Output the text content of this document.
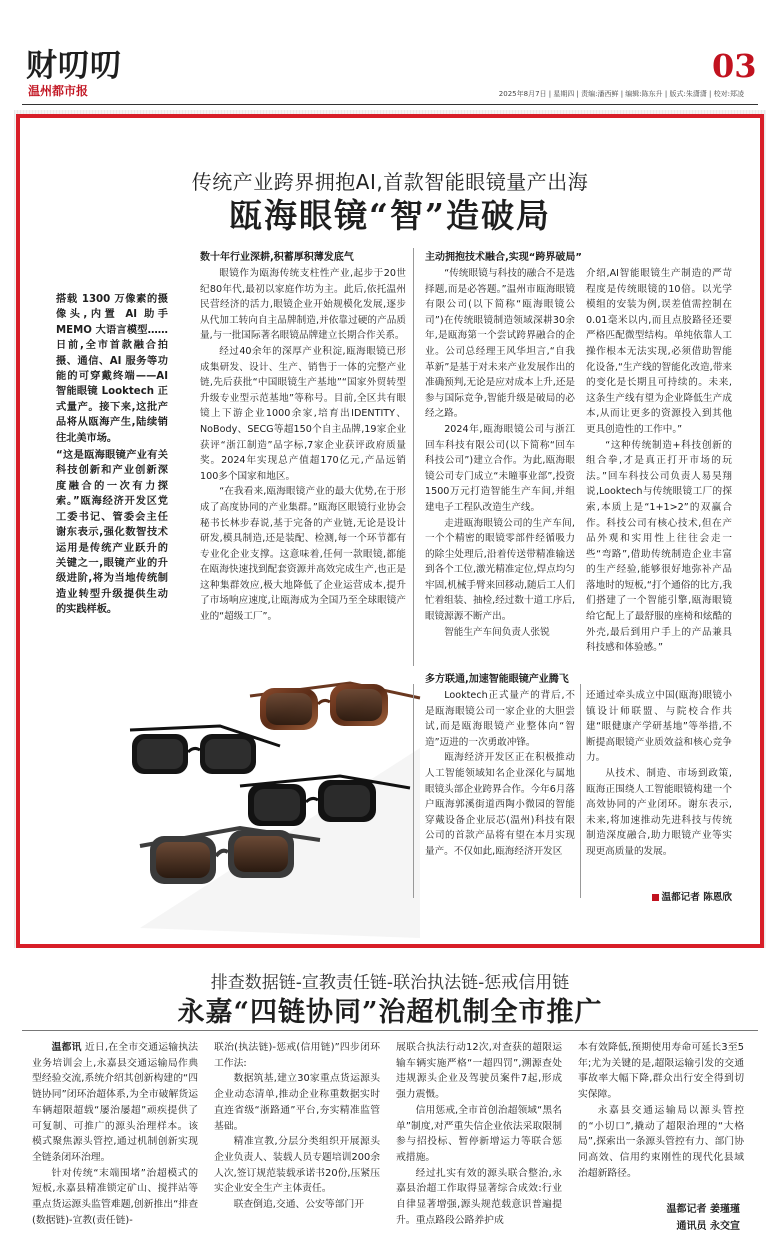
财叨叨
温州都市报
03
2025年8月7日 | 星期四 | 责编:潘西鲜 | 编辑:陈东升 | 版式:朱潇潇 | 校对:郑凌
传统产业跨界拥抱AI,首款智能眼镜量产出海
瓯海眼镜“智”造破局

搭载 1300 万像素的摄像头,内置 AI 助手 MEMO 大语言模型……日前,全市首款融合拍摄、通信、AI 服务等功能的可穿戴终端——AI 智能眼镜 Looktech 正式量产。接下来,这批产品将从瓯海产生,陆续销往北美市场。

“这是瓯海眼镜产业有关科技创新和产业创新深度融合的一次有力探索。”瓯海经济开发区党工委书记、管委会主任谢东表示,强化数智技术运用是传统产业跃升的关键之一,眼镜产业的升级进阶,将为当地传统制造业转型升级提供生动的实践样板。

数十年行业深耕,积蓄厚积薄发底气

眼镜作为瓯海传统支柱性产业,起步于20世纪80年代,最初以家庭作坊为主。此后,依托温州民营经济的活力,眼镜企业开始规模化发展,逐步从代加工转向自主品牌制造,并依靠过硬的产品质量,与一批国际著名眼镜品牌建立长期合作关系。

经过40余年的深厚产业积淀,瓯海眼镜已形成集研发、设计、生产、销售于一体的完整产业链,先后获批“中国眼镜生产基地”“国家外贸转型升级专业型示范基地”等称号。目前,全区共有眼镜上下游企业1000余家,培育出IDENTITY、NoBody、SECG等超150个自主品牌,19家企业获评“浙江制造”品字标,7家企业获评政府质量奖。2024年实现总产值超170亿元,产品远销100多个国家和地区。

“在我看来,瓯海眼镜产业的最大优势,在于形成了高度协同的产业集群。”瓯海区眼镜行业协会秘书长林步春说,基于完备的产业链,无论是设计研发,模具制造,还是装配、检测,每一个环节都有专业化企业支撑。这意味着,任何一款眼镜,都能在瓯海快速找到配套资源并高效完成生产,也正是这种集群效应,极大地降低了企业运营成本,提升了市场响应速度,让瓯海成为全国乃至全球眼镜产业的“超级工厂”。

主动拥抱技术融合,实现“跨界破局”

“传统眼镜与科技的融合不是选择题,而是必答题。”温州市瓯海眼镜有限公司(以下简称“瓯海眼镜公司”)在传统眼镜制造领域深耕30余年,是瓯海第一个尝试跨界融合的企业。公司总经理王风华坦言,“自我革新”是基于对未来产业发展作出的准确预判,无论是应对成本上升,还是参与国际竞争,智能升级是破局的必经之路。

2024年,瓯海眼镜公司与浙江回车科技有限公司(以下简称“回车科技公司”)建立合作。为此,瓯海眼镜公司专门成立“未瞳事业部”,投资1500万元打造智能生产车间,并组建电子工程队改造生产线。

走进瓯海眼镜公司的生产车间,一个个精密的眼镜零部件经循吸力的除尘处理后,沿着传送带精准输送到各个工位,激光精准定位,焊点均匀牢固,机械手臂来回移动,随后工人们忙着组装、抽检,经过数十道工序后,眼镜源源不断产出。

智能生产车间负责人张锐

介绍,AI智能眼镜生产制造的严苛程度是传统眼镜的10倍。以光学模组的安装为例,误差值需控制在0.01毫米以内,而且点胶路径还要严格匹配微型结构。单纯依靠人工操作根本无法实现,必须借助智能化设备,“生产线的智能化改造,带来的变化是长期且可持续的。未来,这条生产线有望为企业降低生产成本,从而让更多的资源投入到其他更具创造性的工作中。”

“这种传统制造+科技创新的组合拳,才是真正打开市场的玩法。”回车科技公司负责人易昊翔说,Looktech与传统眼镜工厂的探索,本质上是“1+1>2”的双赢合作。科技公司有核心技术,但在产品外观和实用性上往往会走一些“弯路”,借助传统制造企业丰富的生产经验,能够很好地弥补产品落地时的短板,“打个通俗的比方,我们搭建了一个智能引擎,瓯海眼镜给它配上了最舒服的座椅和炫酷的外壳,最后到用户手上的产品兼具科技感和体验感。”

多方联通,加速智能眼镜产业腾飞

Looktech正式量产的背后,不是瓯海眼镜公司一家企业的大胆尝试,而是瓯海眼镜产业整体向“智造”迈进的一次勇敢冲锋。

瓯海经济开发区正在积极推动人工智能领域知名企业深化与属地眼镜头部企业跨界合作。今年6月落户瓯海郭溪街道西陶小微园的智能穿戴设备企业辰芯(温州)科技有限公司的首款产品将有望在本月实现量产。不仅如此,瓯海经济开发区

还通过牵头成立中国(瓯海)眼镜小镇设计师联盟、与院校合作共建“眼健康产学研基地”等举措,不断提高眼镜产业质效益和核心竞争力。

从技术、制造、市场到政策,瓯海正围绕人工智能眼镜构建一个高效协同的产业闭环。谢东表示,未来,将加速推动先进科技与传统制造深度融合,助力眼镜产业等实现更高质量的发展。

温都记者 陈恩欣
排查数据链-宣教责任链-联治执法链-惩戒信用链
永嘉“四链协同”治超机制全市推广

温都讯 近日,在全市交通运输执法业务培训会上,永嘉县交通运输局作典型经验交流,系统介绍其创新构建的“四链协同”闭环治超体系,为全市破解货运车辆超限超载“屡治屡超”顽疾提供了可复制、可推广的源头治理样本。该模式聚焦源头管控,通过机制创新实现全链条闭环治理。

针对传统“末端围堵”治超模式的短板,永嘉县精准锁定矿山、搅拌站等重点货运源头监管难题,创新推出“排查(数据链)-宣教(责任链)-

联治(执法链)-惩戒(信用链)”四步闭环工作法:

数据筑基,建立30家重点货运源头企业动态清单,推动企业称重数据实时直连省级“浙路通”平台,夯实精准监管基础。

精准宣教,分层分类组织开展源头企业负责人、装载人员专题培训200余人次,签订规范装载承诺书20份,压紧压实企业安全生产主体责任。

联查倒追,交通、公安等部门开

展联合执法行动12次,对查获的超限运输车辆实施严格“一超四罚”,溯源查处违规源头企业及驾驶员案件7起,形成强力震慑。

信用惩戒,全市首创治超领域“黑名单”制度,对严重失信企业依法采取限制参与招投标、暂停新增运力等联合惩戒措施。

经过扎实有效的源头联合整治,永嘉县治超工作取得显著综合成效:行业自律显著增强,源头规范载意识普遍提升。重点路段公路养护成

本有效降低,预期使用寿命可延长3至5年;尤为关键的是,超限运输引发的交通事故率大幅下降,群众出行安全得到切实保障。

永嘉县交通运输局以源头管控的“小切口”,撬动了超限治理的“大格局”,探索出一条源头管控有力、部门协同高效、信用约束刚性的现代化县域治超新路径。

温都记者 姜瑾瑾
通讯员 永交宣
